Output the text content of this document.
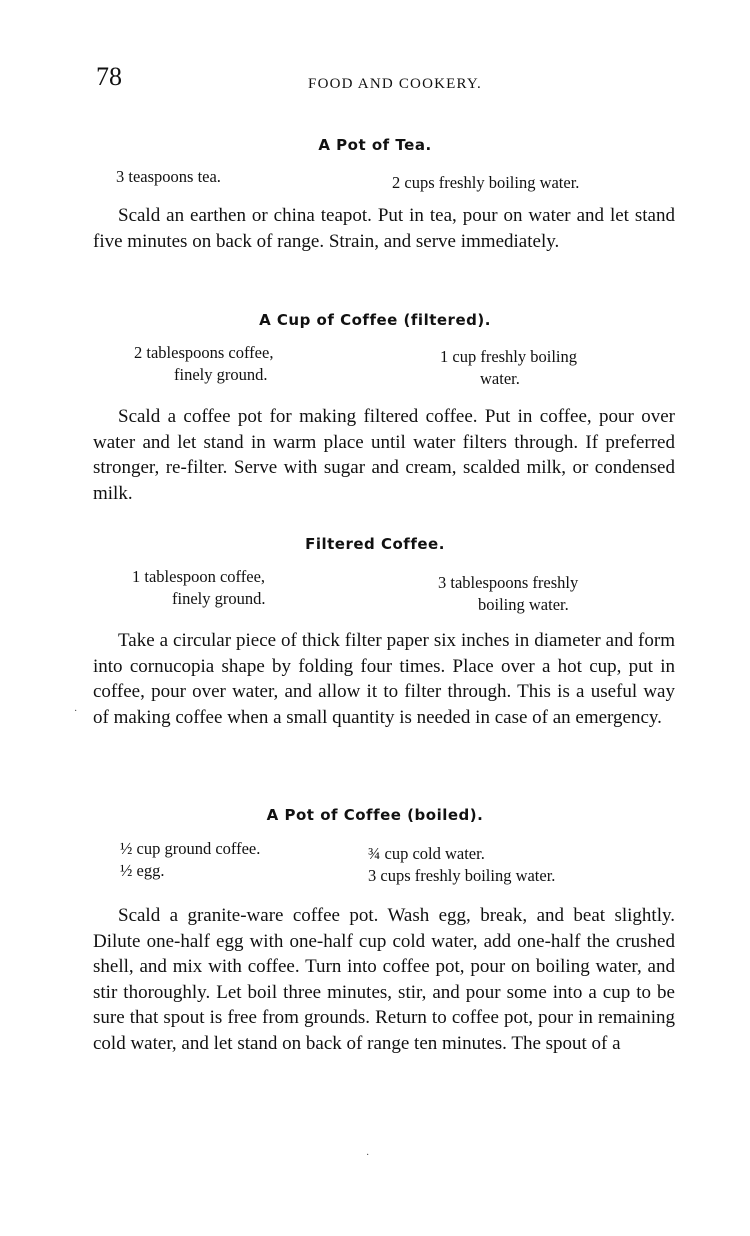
78	FOOD AND COOKERY.
A Pot of Tea.
3 teaspoons tea.	2 cups freshly boiling water.

Scald an earthen or china teapot. Put in tea, pour on water and let stand five minutes on back of range. Strain, and serve immediately.

A Cup of Coffee (filtered).
2 tablespoons coffee,
finely ground.
1 cup freshly boiling
water.

Scald a coffee pot for making filtered coffee. Put in coffee, pour over water and let stand in warm place until water filters through. If preferred stronger, re-filter. Serve with sugar and cream, scalded milk, or condensed milk.

Filtered Coffee.
1 tablespoon coffee,
finely ground.
3 tablespoons freshly
boiling water.

Take a circular piece of thick filter paper six inches in diameter and form into cornucopia shape by folding four times. Place over a hot cup, put in coffee, pour over water, and allow it to filter through. This is a useful way of making coffee when a small quantity is needed in case of an emergency.

A Pot of Coffee (boiled).
½ cup ground coffee.
½ egg.
¾ cup cold water.
3 cups freshly boiling water.

Scald a granite-ware coffee pot. Wash egg, break, and beat slightly. Dilute one-half egg with one-half cup cold water, add one-half the crushed shell, and mix with coffee. Turn into coffee pot, pour on boiling water, and stir thoroughly. Let boil three minutes, stir, and pour some into a cup to be sure that spout is free from grounds. Return to coffee pot, pour in remaining cold water, and let stand on back of range ten minutes. The spout of a

·
·
